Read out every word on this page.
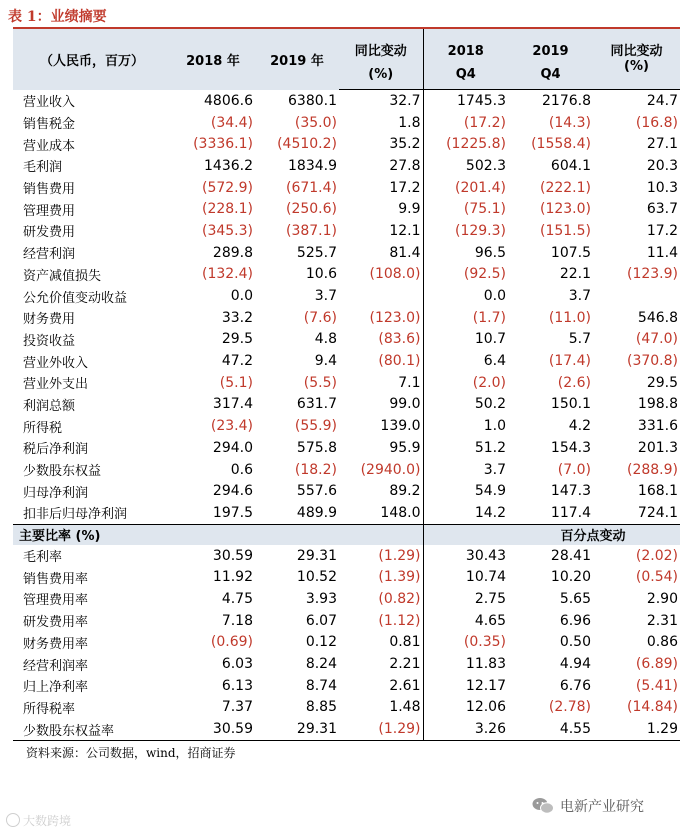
表 1：业绩摘要
（人民币，百万）	2018 年	2019 年	同比变动	2018	2019	同比变动
			(%)	Q4	Q4	(%)
营业收入	4806.6	6380.1	32.7	1745.3	2176.8	24.7
销售税金	(34.4)	(35.0)	1.8	(17.2)	(14.3)	(16.8)
营业成本	(3336.1)	(4510.2)	35.2	(1225.8)	(1558.4)	27.1
毛利润	1436.2	1834.9	27.8	502.3	604.1	20.3
销售费用	(572.9)	(671.4)	17.2	(201.4)	(222.1)	10.3
管理费用	(228.1)	(250.6)	9.9	(75.1)	(123.0)	63.7
研发费用	(345.3)	(387.1)	12.1	(129.3)	(151.5)	17.2
经营利润	289.8	525.7	81.4	96.5	107.5	11.4
资产减值损失	(132.4)	10.6	(108.0)	(92.5)	22.1	(123.9)
公允价值变动收益	0.0	3.7		0.0	3.7	
财务费用	33.2	(7.6)	(123.0)	(1.7)	(11.0)	546.8
投资收益	29.5	4.8	(83.6)	10.7	5.7	(47.0)
营业外收入	47.2	9.4	(80.1)	6.4	(17.4)	(370.8)
营业外支出	(5.1)	(5.5)	7.1	(2.0)	(2.6)	29.5
利润总额	317.4	631.7	99.0	50.2	150.1	198.8
所得税	(23.4)	(55.9)	139.0	1.0	4.2	331.6
税后净利润	294.0	575.8	95.9	51.2	154.3	201.3
少数股东权益	0.6	(18.2)	(2940.0)	3.7	(7.0)	(288.9)
归母净利润	294.6	557.6	89.2	54.9	147.3	168.1
扣非后归母净利润	197.5	489.9	148.0	14.2	117.4	724.1
主要比率 (%)					百分点变动	
毛利率	30.59	29.31	(1.29)	30.43	28.41	(2.02)
销售费用率	11.92	10.52	(1.39)	10.74	10.20	(0.54)
管理费用率	4.75	3.93	(0.82)	2.75	5.65	2.90
研发费用率	7.18	6.07	(1.12)	4.65	6.96	2.31
财务费用率	(0.69)	0.12	0.81	(0.35)	0.50	0.86
经营利润率	6.03	8.24	2.21	11.83	4.94	(6.89)
归上净利率	6.13	8.74	2.61	12.17	6.76	(5.41)
所得税率	7.37	8.85	1.48	12.06	(2.78)	(14.84)
少数股东权益率	30.59	29.31	(1.29)	3.26	4.55	1.29
资料来源：公司数据，wind，招商证券
大数跨境
电新产业研究
